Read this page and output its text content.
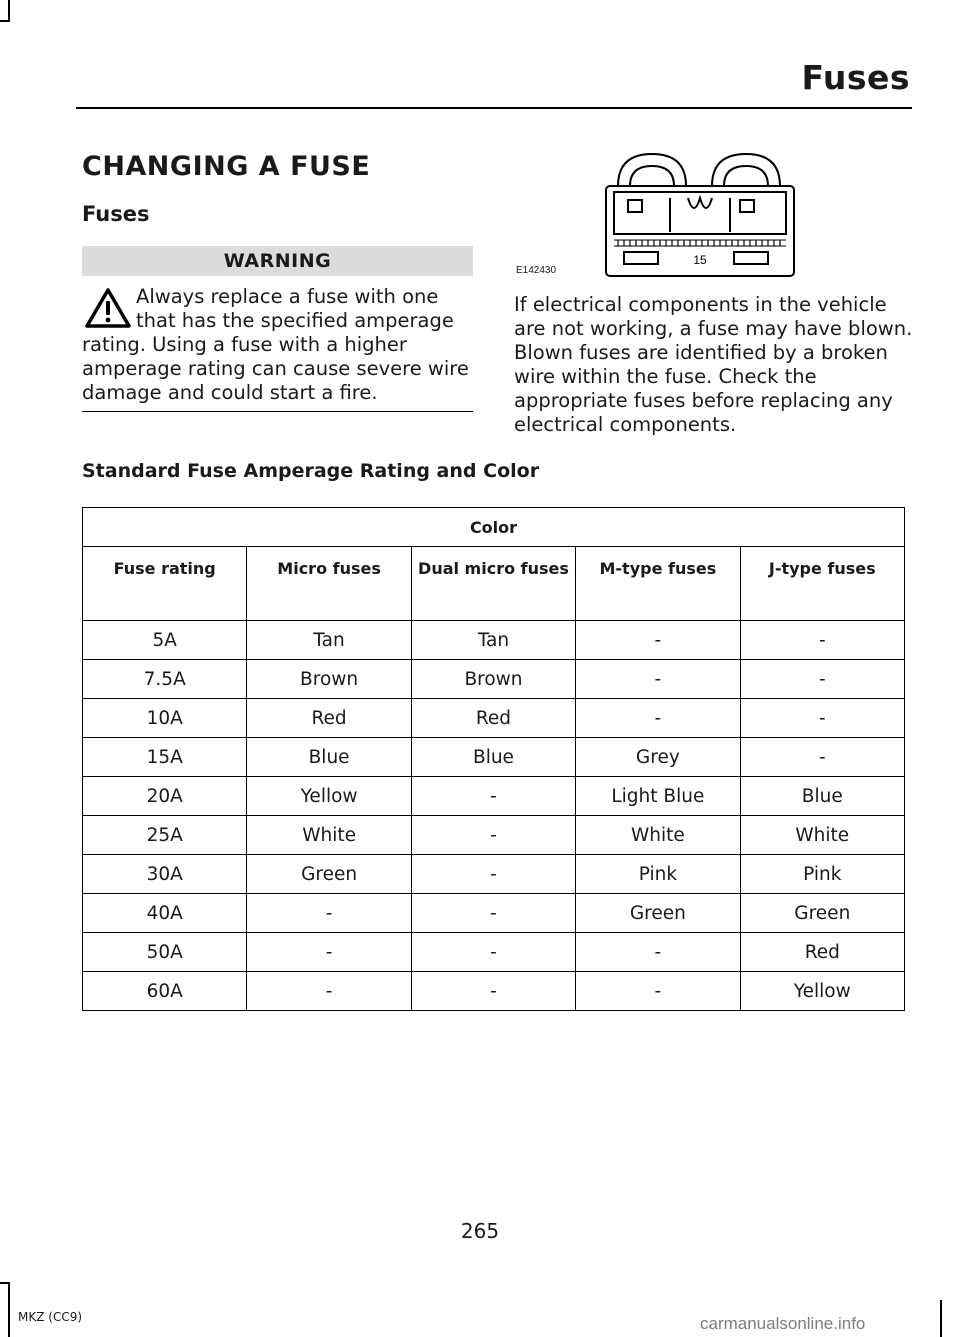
Fuses
CHANGING A FUSE
Fuses
WARNING
Always replace a fuse with one that has the specified amperage rating. Using a fuse with a higher amperage rating can cause severe wire damage and could start a fire.
15
E142430
If electrical components in the vehicle are not working, a fuse may have blown. Blown fuses are identified by a broken wire within the fuse. Check the appropriate fuses before replacing any electrical components.
Standard Fuse Amperage Rating and Color
Color				
Fuse rating	Micro fuses	Dual micro fuses	M-type fuses	J-type fuses
5A	Tan	Tan	-	-
7.5A	Brown	Brown	-	-
10A	Red	Red	-	-
15A	Blue	Blue	Grey	-
20A	Yellow	-	Light Blue	Blue
25A	White	-	White	White
30A	Green	-	Pink	Pink
40A	-	-	Green	Green
50A	-	-	-	Red
60A	-	-	-	Yellow
265
MKZ (CC9)	carmanualsonline.info
